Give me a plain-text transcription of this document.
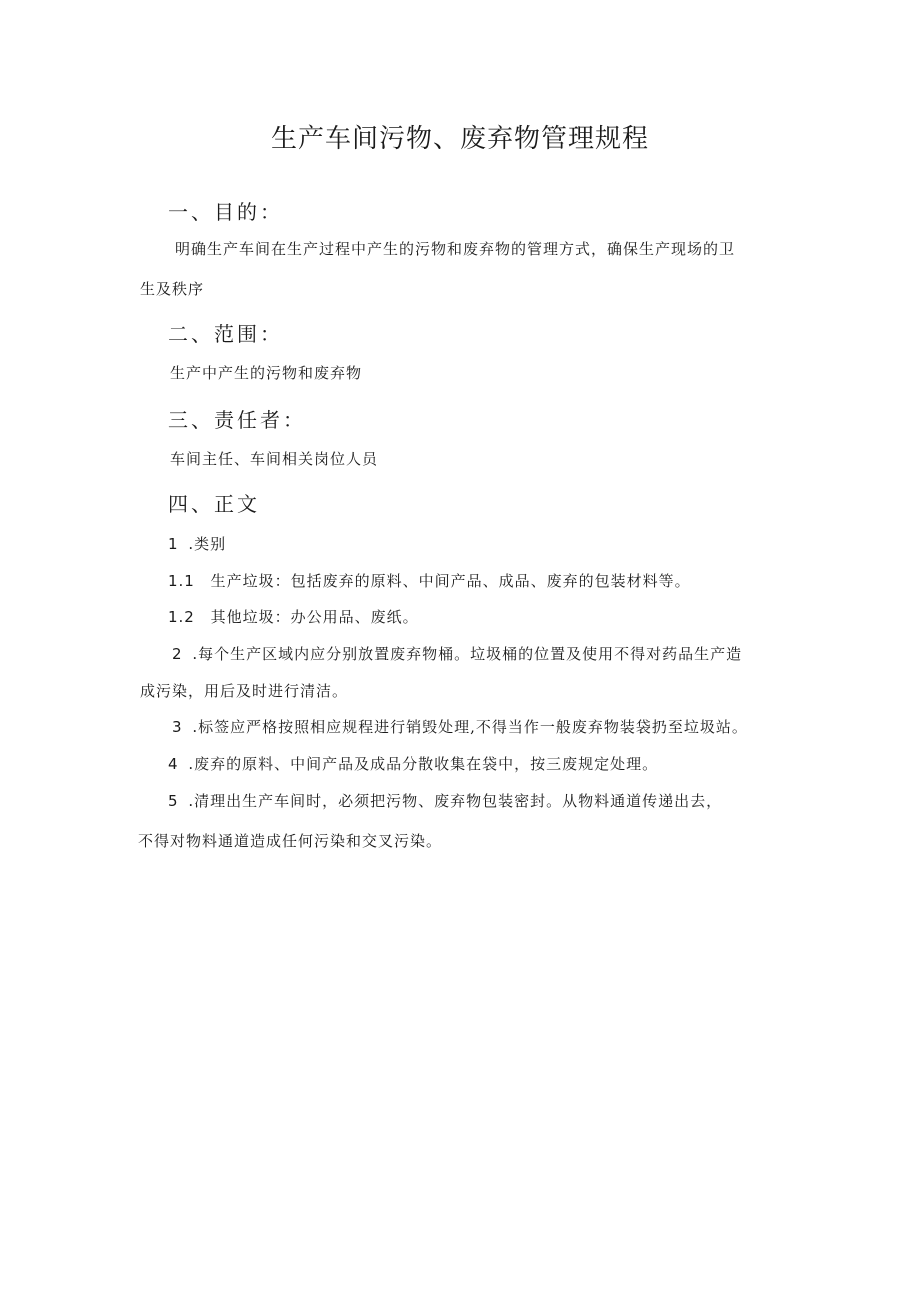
生产车间污物、废弃物管理规程
一、目的：
明确生产车间在生产过程中产生的污物和废弃物的管理方式，确保生产现场的卫
生及秩序
二、范围：
生产中产生的污物和废弃物
三、责任者：
车间主任、车间相关岗位人员
四、正文
1 .类别
1.1 生产垃圾：包括废弃的原料、中间产品、成品、废弃的包装材料等。
1.2 其他垃圾：办公用品、废纸。
2 .每个生产区域内应分别放置废弃物桶。垃圾桶的位置及使用不得对药品生产造
成污染，用后及时进行清洁。
3 .标签应严格按照相应规程进行销毁处理,不得当作一般废弃物装袋扔至垃圾站。
4 .废弃的原料、中间产品及成品分散收集在袋中，按三废规定处理。
5 .清理出生产车间时，必须把污物、废弃物包装密封。从物料通道传递出去，
不得对物料通道造成任何污染和交叉污染。
